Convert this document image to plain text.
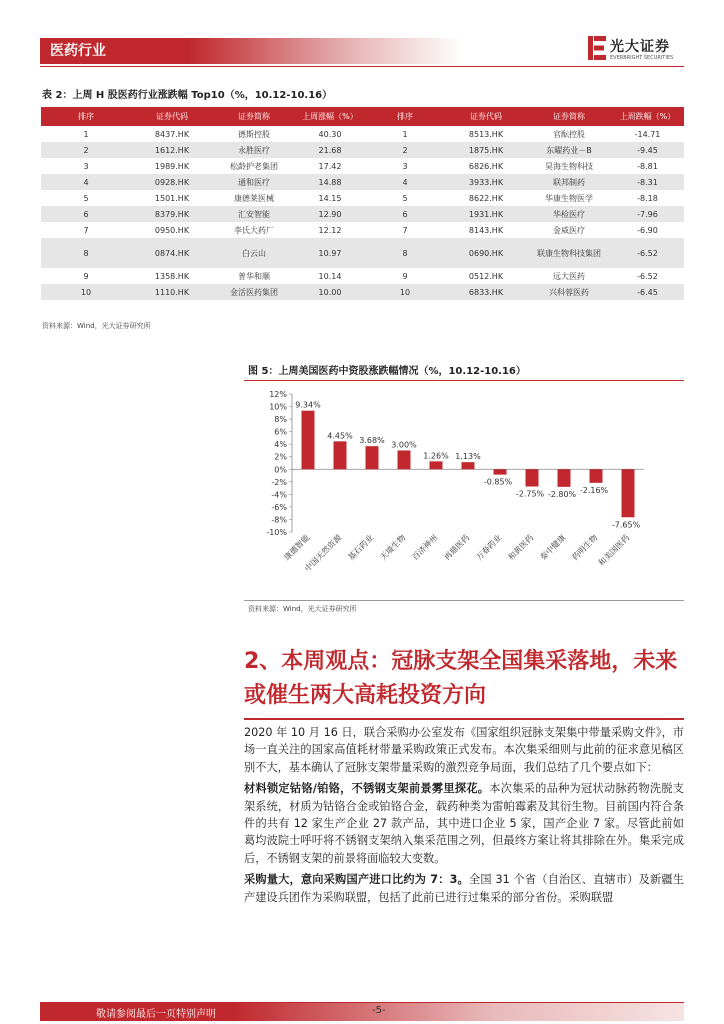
医药行业	光大证券
EVERBRIGHT SECURITIES
表 2：上周 H 股医药行业涨跌幅 Top10（%，10.12-10.16）
排序	证券代码	证券简称	上周涨幅（%）	排序	证券代码	证券简称	上周跌幅（%）
1	8437.HK	德斯控股	40.30	1	8513.HK	官酝控股	-14.71
2	1612.HK	永胜医疗	21.68	2	1875.HK	东曜药业－B	-9.45
3	1989.HK	松龄护老集团	17.42	3	6826.HK	昊海生物科技	-8.81
4	0928.HK	通和医疗	14.88	4	3933.HK	联邦制药	-8.31
5	1501.HK	康德莱医械	14.15	5	8622.HK	华康生物医学	-8.18
6	8379.HK	汇安智能	12.90	6	1931.HK	华检医疗	-7.96
7	0950.HK	李氏大药厂	12.12	7	8143.HK	金威医疗	-6.90
8	0874.HK	白云山	10.97	8	0690.HK	联康生物科技集团	-6.52
9	1358.HK	普华和顺	10.14	9	0512.HK	远大医药	-6.52
10	1110.HK	金活医药集团	10.00	10	6833.HK	兴科蓉医药	-6.45
资料来源：Wind，光大证券研究所
图 5：上周美国医药中资股涨跌幅情况（%，10.12-10.16）
12%
10%
8%
6%
4%
2%
0%
-2%
-4%
-6%
-8%
-10%
9.34%
康德智能
4.45%
中国天然资源
3.68%
基石药业
3.00%
天境生物
1.26%
百济神州
1.13%
再鼎医药
-0.85%
万春药业
-2.75%
和黄医药
-2.80%
泰中健康
-2.16%
药明生物
-7.65%
和美国医药
资料来源：Wind，光大证券研究所
2、本周观点：冠脉支架全国集采落地，未来或催生两大高耗投资方向

2020 年 10 月 16 日，联合采购办公室发布《国家组织冠脉支架集中带量采购文件》，市场一直关注的国家高值耗材带量采购政策正式发布。本次集采细则与此前的征求意见稿区别不大，基本确认了冠脉支架带量采购的激烈竞争局面，我们总结了几个要点如下：

材料锁定钴铬/铂铬，不锈钢支架前景雾里探花。本次集采的品种为冠状动脉药物洗脱支架系统，材质为钴铬合金或铂铬合金，载药种类为雷帕霉素及其衍生物。目前国内符合条件的共有 12 家生产企业 27 款产品，其中进口企业 5 家，国产企业 7 家。尽管此前如葛均波院士呼吁将不锈钢支架纳入集采范围之列，但最终方案让将其排除在外。集采完成后，不锈钢支架的前景将面临较大变数。

采购量大，意向采购国产进口比约为 7：3。全国 31 个省（自治区、直辖市）及新疆生产建设兵团作为采购联盟，包括了此前已进行过集采的部分省份。采购联盟

敬请参阅最后一页特别声明	-5-
